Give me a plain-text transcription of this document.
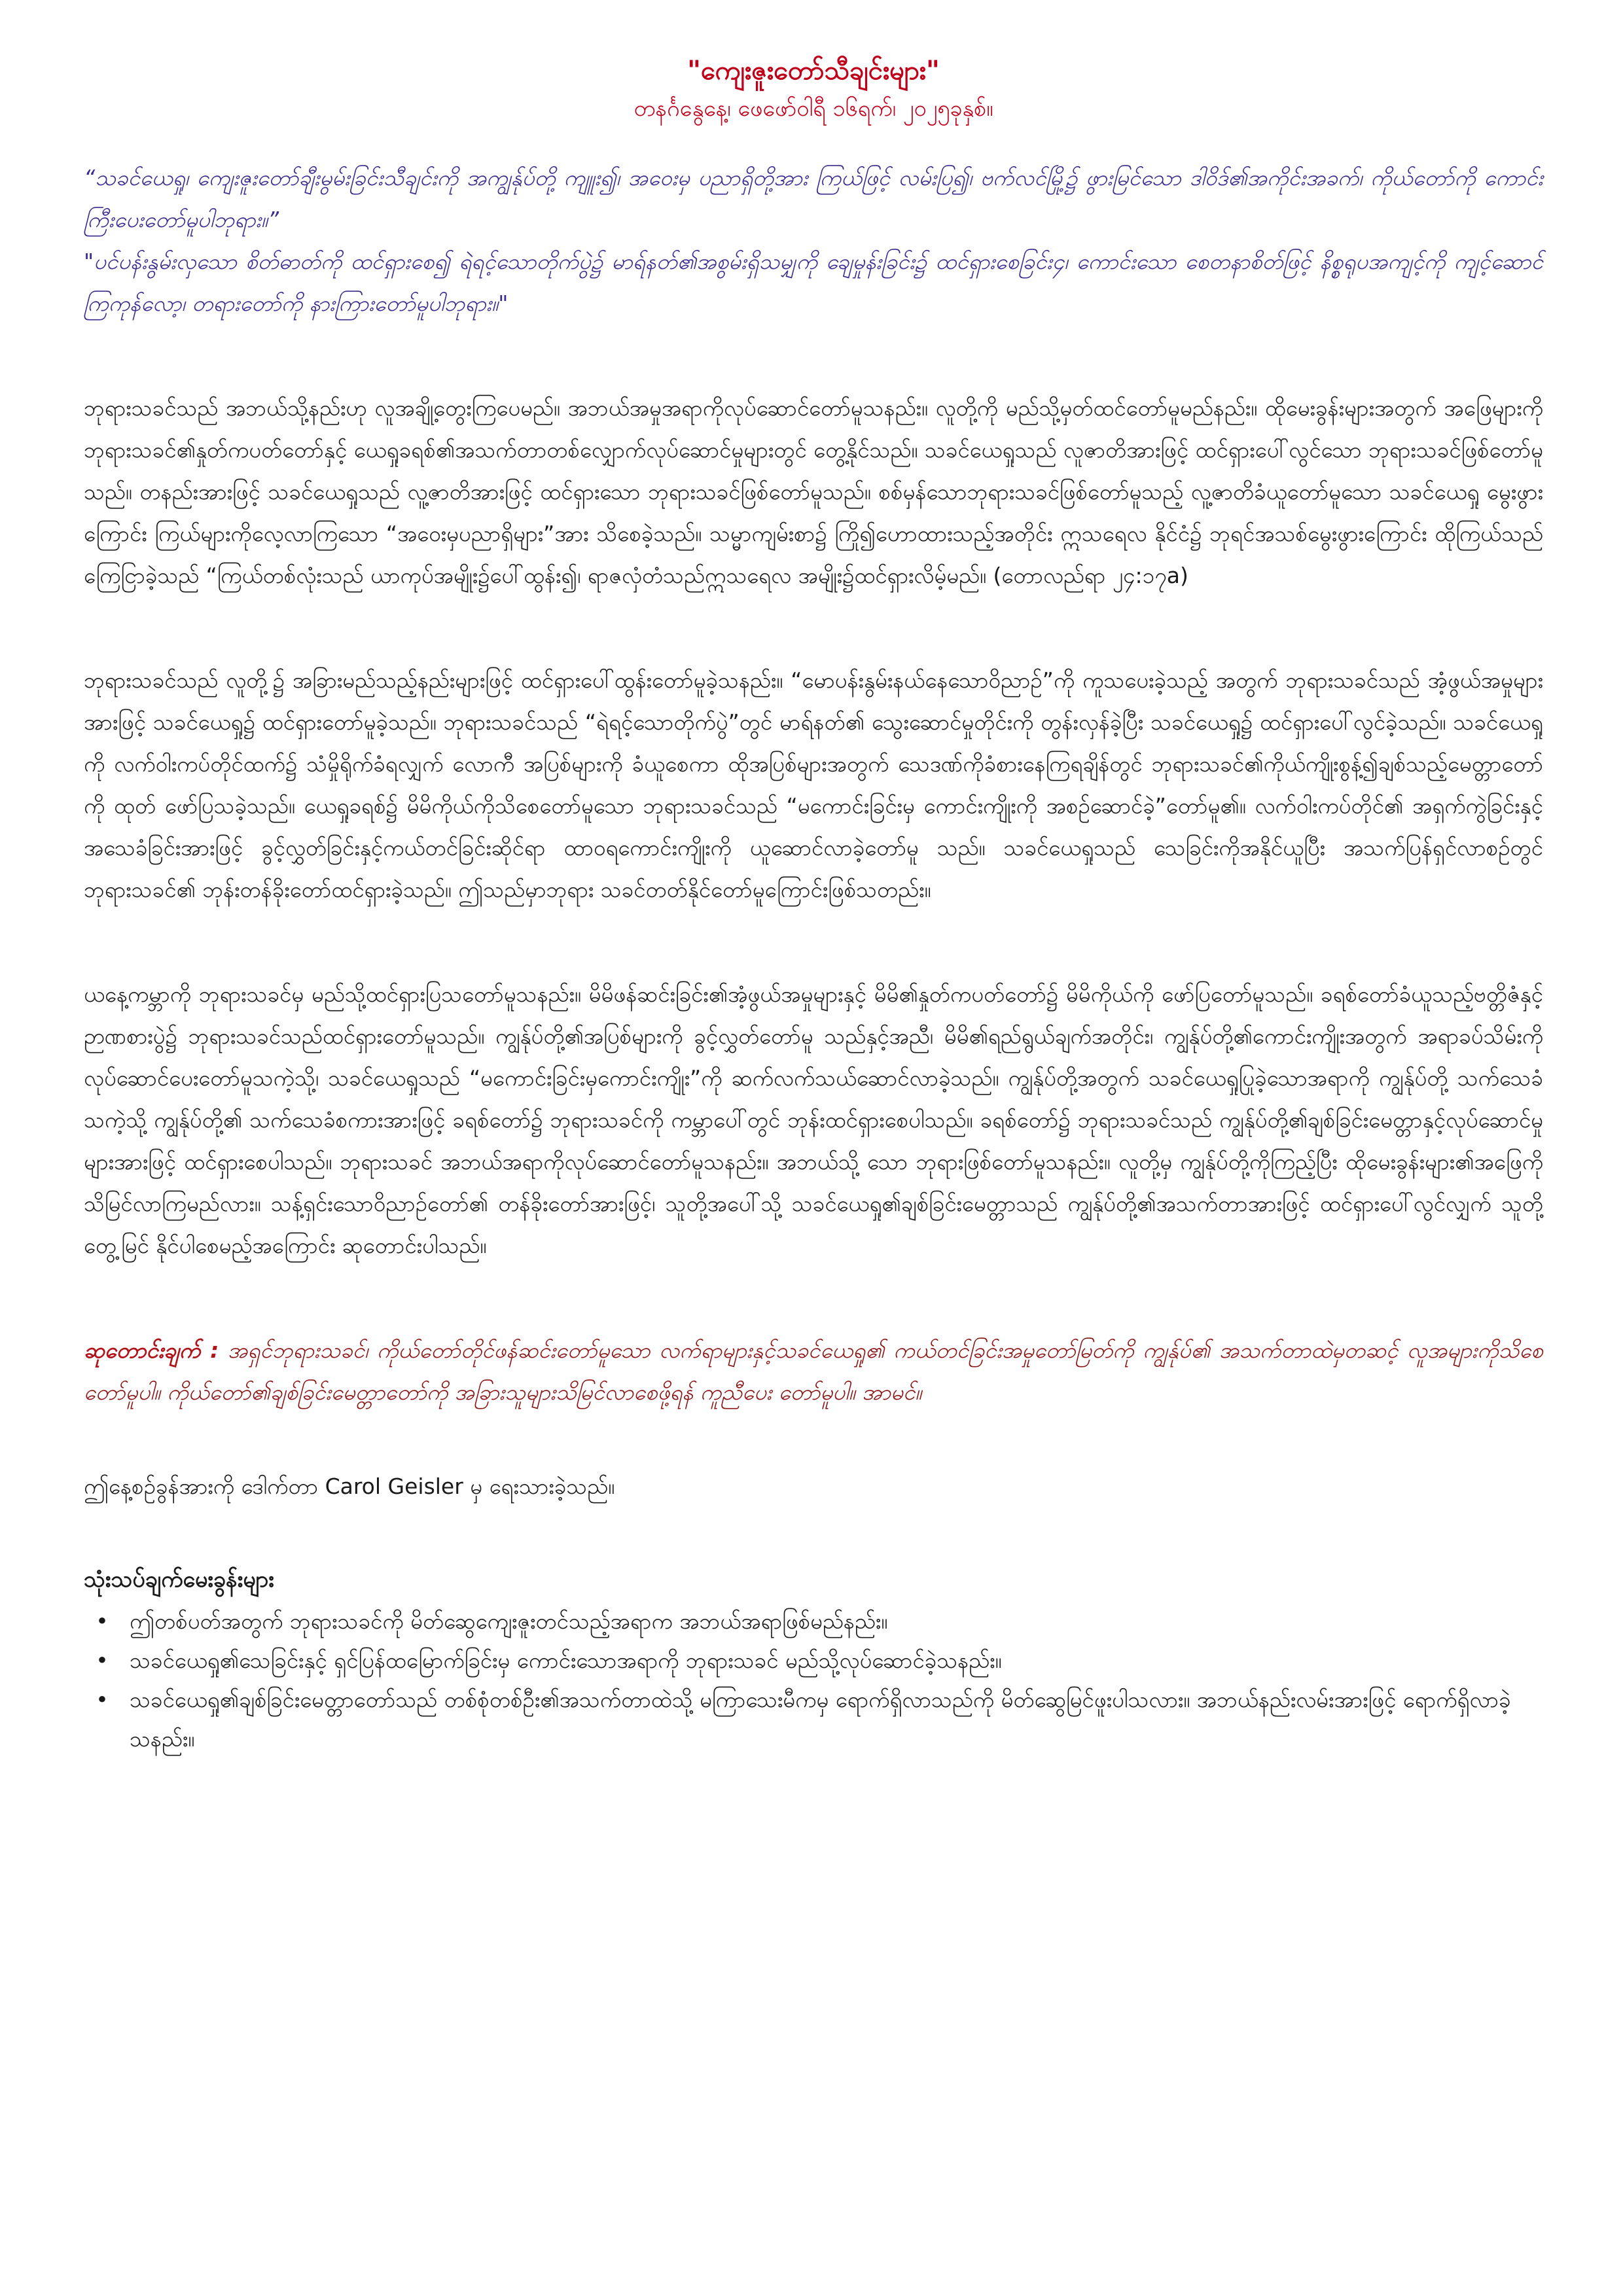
"ကျေးဇူးတော်သီချင်းများ"

တနင်္ဂနွေနေ့၊ ဖေဖော်ဝါရီ ၁၆ရက်၊ ၂၀၂၅ခုနှစ်။

“သခင်ယေရှု၊ ကျေးဇူးတော်ချီးမွမ်းခြင်းသီချင်းကို အကျွန်ုပ်တို့ ကျူး၍၊ အဝေးမှ ပညာရှိတို့အား ကြယ်ဖြင့် လမ်းပြ၍၊ ဗက်လင်မြို့၌ ဖွားမြင်သော ဒါဝိဒ်၏အကိုင်းအခက်၊ ကိုယ်တော်ကို ကောင်းကြီးပေးတော်မူပါဘုရား။”

"ပင်ပန်းနွမ်းလှသော စိတ်ဓာတ်ကို ထင်ရှားစေ၍ ရဲရင့်သောတိုက်ပွဲ၌ မာရ်နတ်၏အစွမ်းရှိသမျှကို ချေမှုန်းခြင်း၌ ထင်ရှားစေခြင်း၄၊ ကောင်းသော စေတနာစိတ်ဖြင့် နိစ္စရုပအကျင့်ကို ကျင့်ဆောင်ကြကုန်လော့၊ တရားတော်ကို နားကြားတော်မူပါဘုရား။"

ဘုရားသခင်သည် အဘယ်သို့နည်းဟု လူအချို့တွေးကြပေမည်။ အဘယ်အမှုအရာကိုလုပ်ဆောင်တော်မူသနည်း။ လူတို့ကို မည်သို့မှတ်ထင်တော်မူမည်နည်း။ ထိုမေးခွန်းများအတွက် အဖြေများကို ဘုရားသခင်၏နှုတ်ကပတ်တော်နှင့် ယေရှုခရစ်၏အသက်တာတစ်လျှောက်လုပ်ဆောင်မှုများတွင် တွေ့နိုင်သည်။ သခင်ယေရှုသည် လူဇာတိအားဖြင့် ထင်ရှားပေါ်လွင်သော ဘုရားသခင်ဖြစ်တော်မူသည်။ တနည်းအားဖြင့် သခင်ယေရှုသည် လူ့ဇာတိအားဖြင့် ထင်ရှားသော ဘုရားသခင်ဖြစ်တော်မူသည်။ စစ်မှန်သောဘုရားသခင်ဖြစ်တော်မူသည့် လူ့ဇာတိခံယူတော်မူသော သခင်ယေရှု မွေးဖွားကြောင်း ကြယ်များကိုလေ့လာကြသော “အဝေးမှပညာရှိများ”အား သိစေခဲ့သည်။ သမ္မာကျမ်းစာ၌ ကြို၍ဟောထားသည့်အတိုင်း ဣသရေလ နိုင်ငံ၌ ဘုရင်အသစ်မွေးဖွားကြောင်း ထိုကြယ်သည် ကြေငြာခဲ့သည် “ကြယ်တစ်လုံးသည် ယာကုပ်အမျိုး၌ပေါ်ထွန်း၍၊ ရာဇလှံတံသည်ဣသရေလ အမျိုး၌ထင်ရှားလိမ့်မည်။ (တောလည်ရာ ၂၄:၁၇a)

ဘုရားသခင်သည် လူတို့၌ အခြားမည်သည့်နည်းများဖြင့် ထင်ရှားပေါ်ထွန်းတော်မူခဲ့သနည်း။ “မောပန်းနွမ်းနယ်နေသောဝိညာဉ်”ကို ကူသပေးခဲ့သည့် အတွက် ဘုရားသခင်သည် အံ့ဖွယ်အမှုများအားဖြင့် သခင်ယေရှု၌ ထင်ရှားတော်မူခဲ့သည်။ ဘုရားသခင်သည် “ရဲရင့်သောတိုက်ပွဲ”တွင် မာရ်နတ်၏ သွေးဆောင်မှုတိုင်းကို တွန်းလှန်ခဲ့ပြီး သခင်ယေရှု၌ ထင်ရှားပေါ်လွင်ခဲ့သည်။ သခင်ယေရှုကို လက်ဝါးကပ်တိုင်ထက်၌ သံမှိုရိုက်ခံရလျှက် လောကီ အပြစ်များကို ခံယူစေကာ ထိုအပြစ်များအတွက် သေဒဏ်ကိုခံစားနေကြရချိန်တွင် ဘုရားသခင်၏ကိုယ်ကျိုးစွန့်၍ချစ်သည့်မေတ္တာတော်ကို ထုတ် ဖော်ပြသခဲ့သည်။ ယေရှုခရစ်၌ မိမိကိုယ်ကိုသိစေတော်မူသော ဘုရားသခင်သည် “မကောင်းခြင်းမှ ကောင်းကျိုးကို အစဉ်ဆောင်ခဲ့”တော်မူ၏။ လက်ဝါးကပ်တိုင်၏ အရှက်ကွဲခြင်းနှင့်အသေခံခြင်းအားဖြင့် ခွင့်လွှတ်ခြင်းနှင့်ကယ်တင်ခြင်းဆိုင်ရာ ထာဝရကောင်းကျိုးကို ယူဆောင်လာခဲ့တော်မူ သည်။ သခင်ယေရှုသည် သေခြင်းကိုအနိုင်ယူပြီး အသက်ပြန်ရှင်လာစဉ်တွင် ဘုရားသခင်၏ ဘုန်းတန်ခိုးတော်ထင်ရှားခဲ့သည်။ ဤသည်မှာဘုရား သခင်တတ်နိုင်တော်မူကြောင်းဖြစ်သတည်း။

ယနေ့ကမ္ဘာကို ဘုရားသခင်မှ မည်သို့ထင်ရှားပြသတော်မူသနည်း။ မိမိဖန်ဆင်းခြင်း၏အံ့ဖွယ်အမှုများနှင့် မိမိ၏နှုတ်ကပတ်တော်၌ မိမိကိုယ်ကို ဖော်ပြတော်မူသည်။ ခရစ်တော်ခံယူသည့်ဗတ္တိဇံနှင့် ဉာဏစားပွဲ၌ ဘုရားသခင်သည်ထင်ရှားတော်မူသည်။ ကျွန်ုပ်တို့၏အပြစ်များကို ခွင့်လွှတ်တော်မူ သည်နှင့်အညီ၊ မိမိ၏ရည်ရွယ်ချက်အတိုင်း၊ ကျွန်ုပ်တို့၏ကောင်းကျိုးအတွက် အရာခပ်သိမ်းကို လုပ်ဆောင်ပေးတော်မူသကဲ့သို့၊ သခင်ယေရှုသည် “မကောင်းခြင်းမှကောင်းကျိုး”ကို ဆက်လက်သယ်ဆောင်လာခဲ့သည်။ ကျွန်ုပ်တို့အတွက် သခင်ယေရှုပြုခဲ့သောအရာကို ကျွန်ုပ်တို့ သက်သေခံ သကဲ့သို့ ကျွန်ုပ်တို့၏ သက်သေခံစကားအားဖြင့် ခရစ်တော်၌ ဘုရားသခင်ကို ကမ္ဘာပေါ်တွင် ဘုန်းထင်ရှားစေပါသည်။ ခရစ်တော်၌ ဘုရားသခင်သည် ကျွန်ုပ်တို့၏ချစ်ခြင်းမေတ္တာနှင့်လုပ်ဆောင်မှုများအားဖြင့် ထင်ရှားစေပါသည်။ ဘုရားသခင် အဘယ်အရာကိုလုပ်ဆောင်တော်မူသနည်း။ အဘယ်သို့ သော ဘုရားဖြစ်တော်မူသနည်း။ လူတို့မှ ကျွန်ုပ်တို့ကိုကြည့်ပြီး ထိုမေးခွန်းများ၏အဖြေကို သိမြင်လာကြမည်လား။ သန့်ရှင်းသောဝိညာဉ်တော်၏ တန်ခိုးတော်အားဖြင့်၊ သူတို့အပေါ်သို့ သခင်ယေရှု၏ချစ်ခြင်းမေတ္တာသည် ကျွန်ုပ်တို့၏အသက်တာအားဖြင့် ထင်ရှားပေါ်လွင်လျှက် သူတို့တွေ့မြင် နိုင်ပါစေမည့်အကြောင်း ဆုတောင်းပါသည်။

ဆုတောင်းချက် : အရှင်ဘုရားသခင်၊ ကိုယ်တော်တိုင်ဖန်ဆင်းတော်မူသော လက်ရာများနှင့်သခင်ယေရှု၏ ကယ်တင်ခြင်းအမှုတော်မြတ်ကို ကျွန်ုပ်၏ အသက်တာထဲမှတဆင့် လူအများကိုသိစေတော်မူပါ။ ကိုယ်တော်၏ချစ်ခြင်းမေတ္တာတော်ကို အခြားသူများသိမြင်လာစေဖို့ရန် ကူညီပေး တော်မူပါ။ အာမင်။

ဤနေ့စဉ်ခွန်အားကို ဒေါက်တာ Carol Geisler မှ ရေးသားခဲ့သည်။

သုံးသပ်ချက်မေးခွန်းများ

• ဤတစ်ပတ်အတွက် ဘုရားသခင်ကို မိတ်ဆွေကျေးဇူးတင်သည့်အရာက အဘယ်အရာဖြစ်မည်နည်း။
• သခင်ယေရှု၏သေခြင်းနှင့် ရှင်ပြန်ထမြောက်ခြင်းမှ ကောင်းသောအရာကို ဘုရားသခင် မည်သို့လုပ်ဆောင်ခဲ့သနည်း။
• သခင်ယေရှု၏ချစ်ခြင်းမေတ္တာတော်သည် တစ်စုံတစ်ဦး၏အသက်တာထဲသို့ မကြာသေးမီကမှ ရောက်ရှိလာသည်ကို မိတ်ဆွေမြင်ဖူးပါသလား။ အဘယ်နည်းလမ်းအားဖြင့် ရောက်ရှိလာခဲ့သနည်း။
